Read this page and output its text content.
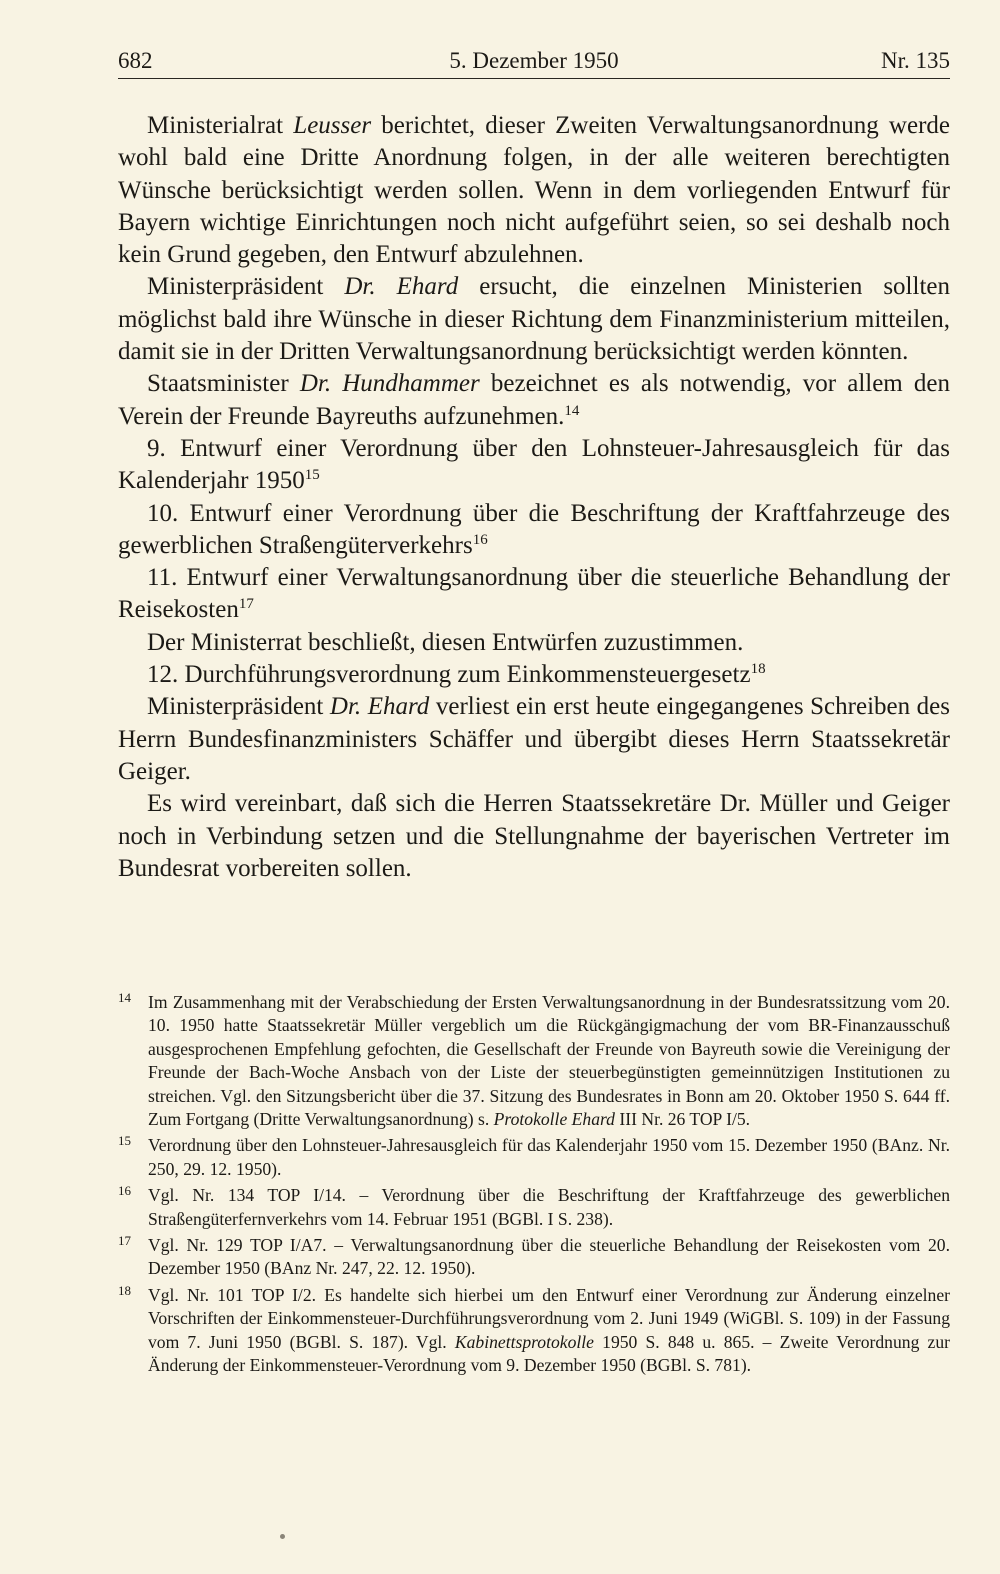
682	5. Dezember 1950	Nr. 135

Ministerialrat Leusser berichtet, dieser Zweiten Verwaltungsanordnung werde wohl bald eine Dritte Anordnung folgen, in der alle weiteren berechtigten Wünsche berücksichtigt werden sollen. Wenn in dem vorliegenden Entwurf für Bayern wichtige Einrichtungen noch nicht aufgeführt seien, so sei deshalb noch kein Grund gegeben, den Entwurf abzulehnen.

Ministerpräsident Dr. Ehard ersucht, die einzelnen Ministerien sollten möglichst bald ihre Wünsche in dieser Richtung dem Finanzministerium mitteilen, damit sie in der Dritten Verwaltungsanordnung berücksichtigt werden könnten.

Staatsminister Dr. Hundhammer bezeichnet es als notwendig, vor allem den Verein der Freunde Bayreuths aufzunehmen.$^{14}$

9. Entwurf einer Verordnung über den Lohnsteuer-Jahresausgleich für das Kalenderjahr 1950$^{15}$

10. Entwurf einer Verordnung über die Beschriftung der Kraftfahrzeuge des gewerblichen Straßengüterverkehrs$^{16}$

11. Entwurf einer Verwaltungsanordnung über die steuerliche Behandlung der Reisekosten$^{17}$

Der Ministerrat beschließt, diesen Entwürfen zuzustimmen.

12. Durchführungsverordnung zum Einkommensteuergesetz$^{18}$

Ministerpräsident Dr. Ehard verliest ein erst heute eingegangenes Schreiben des Herrn Bundesfinanzministers Schäffer und übergibt dieses Herrn Staatssekretär Geiger.

Es wird vereinbart, daß sich die Herren Staatssekretäre Dr. Müller und Geiger noch in Verbindung setzen und die Stellungnahme der bayerischen Vertreter im Bundesrat vorbereiten sollen.

14 Im Zusammenhang mit der Verabschiedung der Ersten Verwaltungsanordnung in der Bundesratssitzung vom 20. 10. 1950 hatte Staatssekretär Müller vergeblich um die Rückgängigmachung der vom BR-Finanzausschuß ausgesprochenen Empfehlung gefochten, die Gesellschaft der Freunde von Bayreuth sowie die Vereinigung der Freunde der Bach-Woche Ansbach von der Liste der steuerbegünstigten gemeinnützigen Institutionen zu streichen. Vgl. den Sitzungsbericht über die 37. Sitzung des Bundesrates in Bonn am 20. Oktober 1950 S. 644 ff. Zum Fortgang (Dritte Verwaltungsanordnung) s. Protokolle Ehard III Nr. 26 TOP I/5.
15 Verordnung über den Lohnsteuer-Jahresausgleich für das Kalenderjahr 1950 vom 15. Dezember 1950 (BAnz. Nr. 250, 29. 12. 1950).
16 Vgl. Nr. 134 TOP I/14. – Verordnung über die Beschriftung der Kraftfahrzeuge des gewerblichen Straßengüterfernverkehrs vom 14. Februar 1951 (BGBl. I S. 238).
17 Vgl. Nr. 129 TOP I/A7. – Verwaltungsanordnung über die steuerliche Behandlung der Reisekosten vom 20. Dezember 1950 (BAnz Nr. 247, 22. 12. 1950).
18 Vgl. Nr. 101 TOP I/2. Es handelte sich hierbei um den Entwurf einer Verordnung zur Änderung einzelner Vorschriften der Einkommensteuer-Durchführungsverordnung vom 2. Juni 1949 (WiGBl. S. 109) in der Fassung vom 7. Juni 1950 (BGBl. S. 187). Vgl. Kabinettsprotokolle 1950 S. 848 u. 865. – Zweite Verordnung zur Änderung der Einkommensteuer-Verordnung vom 9. Dezember 1950 (BGBl. S. 781).
